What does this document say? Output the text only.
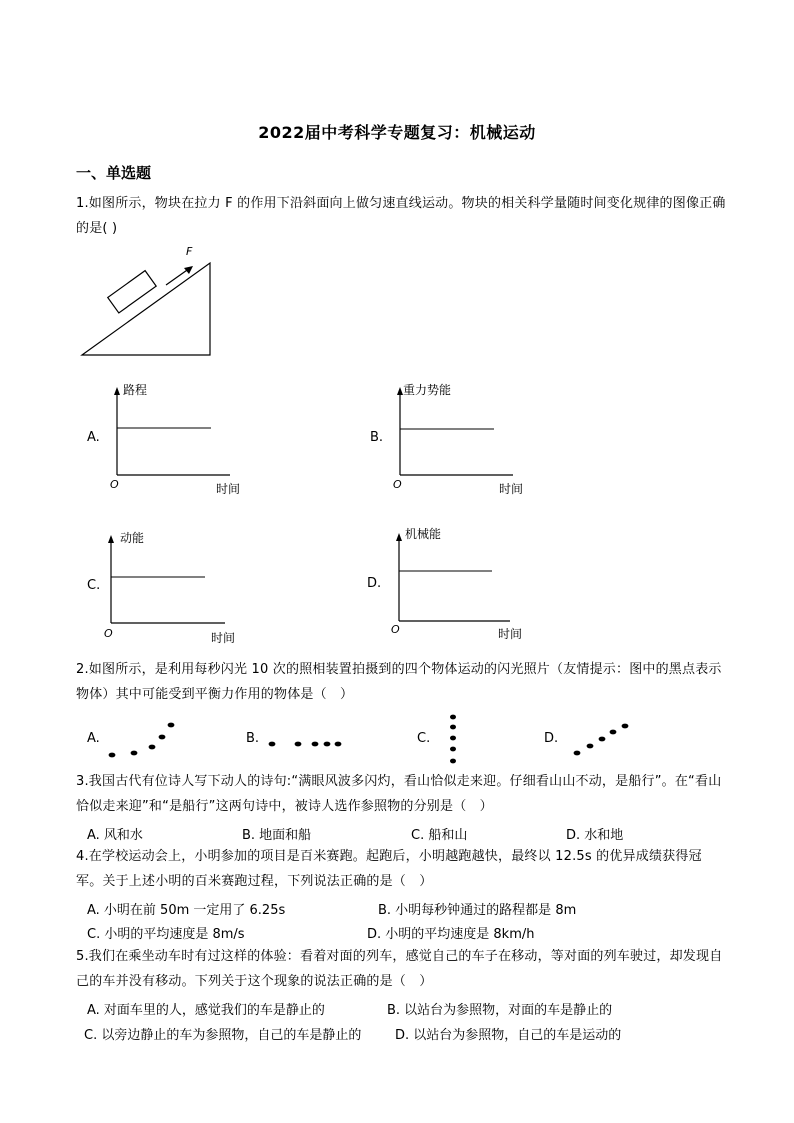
2022届中考科学专题复习：机械运动
一、单选题
1.如图所示，物块在拉力 F 的作用下沿斜面向上做匀速直线运动。物块的相关科学量随时间变化规律的图像正确的是( )
F
A.
路程
O	时间
B.
重力势能
O	时间
C.
动能
O	时间
D.
机械能
O	时间
2.如图所示，是利用每秒闪光 10 次的照相装置拍摄到的四个物体运动的闪光照片（友情提示：图中的黑点表示物体）其中可能受到平衡力作用的物体是（　）
A.	B.	C.	D.
3.我国古代有位诗人写下动人的诗句:“满眼风波多闪灼，看山恰似走来迎。仔细看山山不动，是船行”。在“看山恰似走来迎”和“是船行”这两句诗中，被诗人选作参照物的分别是（　）
A. 风和水	B. 地面和船	C. 船和山	D. 水和地
4.在学校运动会上，小明参加的项目是百米赛跑。起跑后，小明越跑越快，最终以 12.5s 的优异成绩获得冠军。关于上述小明的百米赛跑过程，下列说法正确的是（　）
A. 小明在前 50m 一定用了 6.25s	B. 小明每秒钟通过的路程都是 8m
C. 小明的平均速度是 8m/s	D. 小明的平均速度是 8km/h
5.我们在乘坐动车时有过这样的体验：看着对面的列车，感觉自己的车子在移动，等对面的列车驶过，却发现自己的车并没有移动。下列关于这个现象的说法正确的是（　）
A. 对面车里的人，感觉我们的车是静止的	B. 以站台为参照物，对面的车是静止的
C. 以旁边静止的车为参照物，自己的车是静止的	D. 以站台为参照物，自己的车是运动的
